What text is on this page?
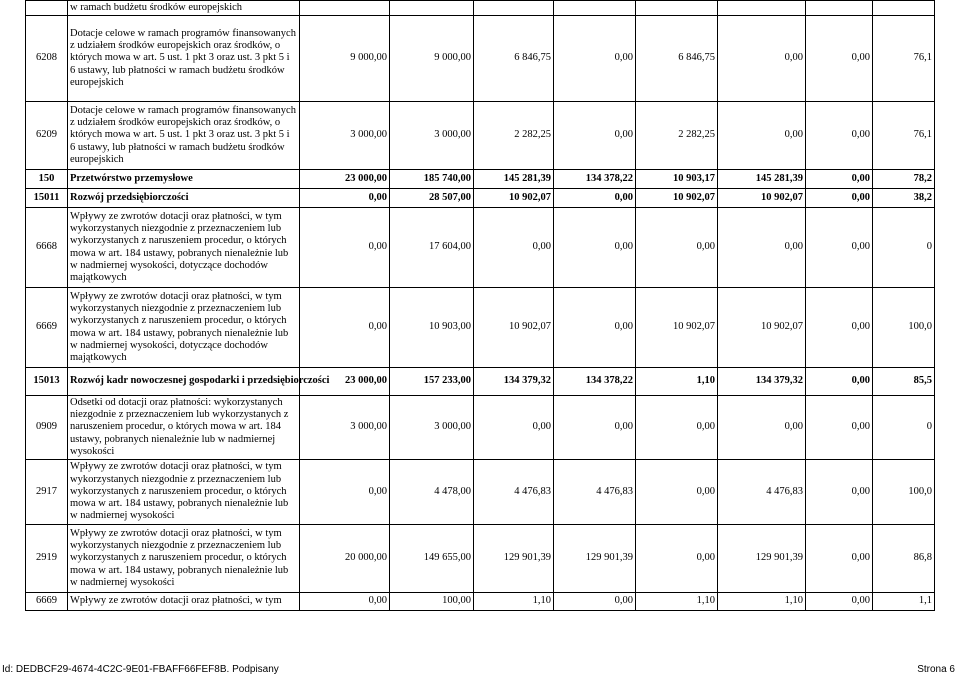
	w ramach budżetu środków europejskich								
6208	Dotacje celowe w ramach programów finansowanych z udziałem środków europejskich oraz środków, o których mowa w art. 5 ust. 1 pkt 3 oraz ust. 3 pkt 5 i 6 ustawy, lub płatności w ramach budżetu środków europejskich	9 000,00	9 000,00	6 846,75	0,00	6 846,75	0,00	0,00	76,1
6209	Dotacje celowe w ramach programów finansowanych z udziałem środków europejskich oraz środków, o których mowa w art. 5 ust. 1 pkt 3 oraz ust. 3 pkt 5 i 6 ustawy, lub płatności w ramach budżetu środków europejskich	3 000,00	3 000,00	2 282,25	0,00	2 282,25	0,00	0,00	76,1
150	Przetwórstwo przemysłowe	23 000,00	185 740,00	145 281,39	134 378,22	10 903,17	145 281,39	0,00	78,2
15011	Rozwój przedsiębiorczości	0,00	28 507,00	10 902,07	0,00	10 902,07	10 902,07	0,00	38,2
6668	Wpływy ze zwrotów dotacji oraz płatności, w tym wykorzystanych niezgodnie z przeznaczeniem lub wykorzystanych z naruszeniem procedur, o których mowa w art. 184 ustawy, pobranych nienależnie lub w nadmiernej wysokości, dotyczące dochodów majątkowych	0,00	17 604,00	0,00	0,00	0,00	0,00	0,00	0
6669	Wpływy ze zwrotów dotacji oraz płatności, w tym wykorzystanych niezgodnie z przeznaczeniem lub wykorzystanych z naruszeniem procedur, o których mowa w art. 184 ustawy, pobranych nienależnie lub w nadmiernej wysokości, dotyczące dochodów majątkowych	0,00	10 903,00	10 902,07	0,00	10 902,07	10 902,07	0,00	100,0
15013	Rozwój kadr nowoczesnej gospodarki i przedsiębiorczości	23 000,00	157 233,00	134 379,32	134 378,22	1,10	134 379,32	0,00	85,5
0909	Odsetki od dotacji oraz płatności: wykorzystanych niezgodnie z przeznaczeniem lub wykorzystanych z naruszeniem procedur, o których mowa w art. 184 ustawy, pobranych nienależnie lub w nadmiernej wysokości	3 000,00	3 000,00	0,00	0,00	0,00	0,00	0,00	0
2917	Wpływy ze zwrotów dotacji oraz płatności, w tym wykorzystanych niezgodnie z przeznaczeniem lub wykorzystanych z naruszeniem procedur, o których mowa w art. 184 ustawy, pobranych nienależnie lub w nadmiernej wysokości	0,00	4 478,00	4 476,83	4 476,83	0,00	4 476,83	0,00	100,0
2919	Wpływy ze zwrotów dotacji oraz płatności, w tym wykorzystanych niezgodnie z przeznaczeniem lub wykorzystanych z naruszeniem procedur, o których mowa w art. 184 ustawy, pobranych nienależnie lub w nadmiernej wysokości	20 000,00	149 655,00	129 901,39	129 901,39	0,00	129 901,39	0,00	86,8
6669	Wpływy ze zwrotów dotacji oraz płatności, w tym	0,00	100,00	1,10	0,00	1,10	1,10	0,00	1,1
Id: DEDBCF29-4674-4C2C-9E01-FBAFF66FEF8B. Podpisany	Strona 6
